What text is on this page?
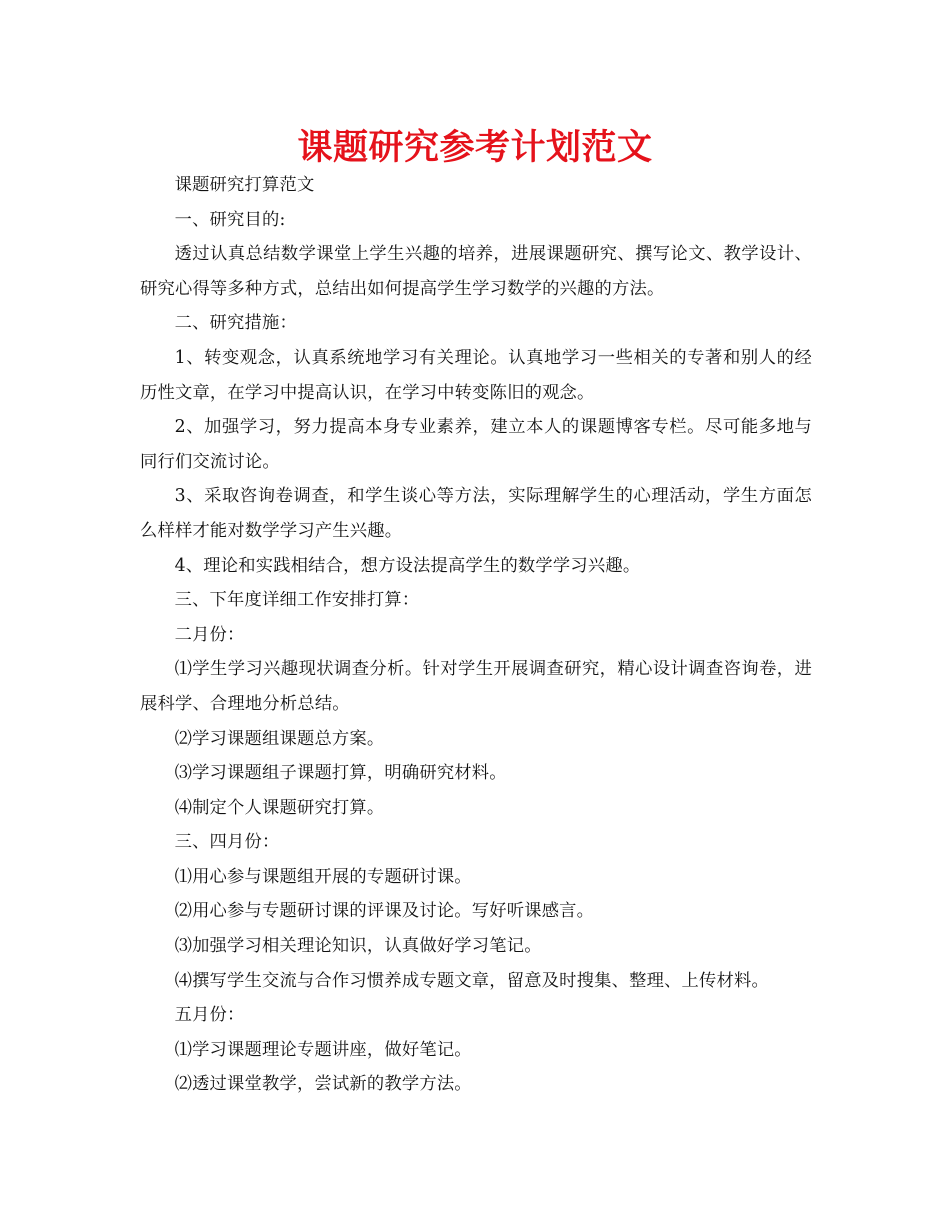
课题研究参考计划范文

课题研究打算范文

一、研究目的:

透过认真总结数学课堂上学生兴趣的培养，进展课题研究、撰写论文、教学设计、研究心得等多种方式，总结出如何提高学生学习数学的兴趣的方法。

二、研究措施：

1、转变观念，认真系统地学习有关理论。认真地学习一些相关的专著和别人的经历性文章，在学习中提高认识，在学习中转变陈旧的观念。

2、加强学习，努力提高本身专业素养，建立本人的课题博客专栏。尽可能多地与同行们交流讨论。

3、采取咨询卷调查，和学生谈心等方法，实际理解学生的心理活动，学生方面怎么样样才能对数学学习产生兴趣。

4、理论和实践相结合，想方设法提高学生的数学学习兴趣。

三、下年度详细工作安排打算：

二月份：

⑴学生学习兴趣现状调查分析。针对学生开展调查研究，精心设计调查咨询卷，进展科学、合理地分析总结。

⑵学习课题组课题总方案。

⑶学习课题组子课题打算，明确研究材料。

⑷制定个人课题研究打算。

三、四月份：

⑴用心参与课题组开展的专题研讨课。

⑵用心参与专题研讨课的评课及讨论。写好听课感言。

⑶加强学习相关理论知识，认真做好学习笔记。

⑷撰写学生交流与合作习惯养成专题文章，留意及时搜集、整理、上传材料。

五月份：

⑴学习课题理论专题讲座，做好笔记。

⑵透过课堂教学，尝试新的教学方法。
